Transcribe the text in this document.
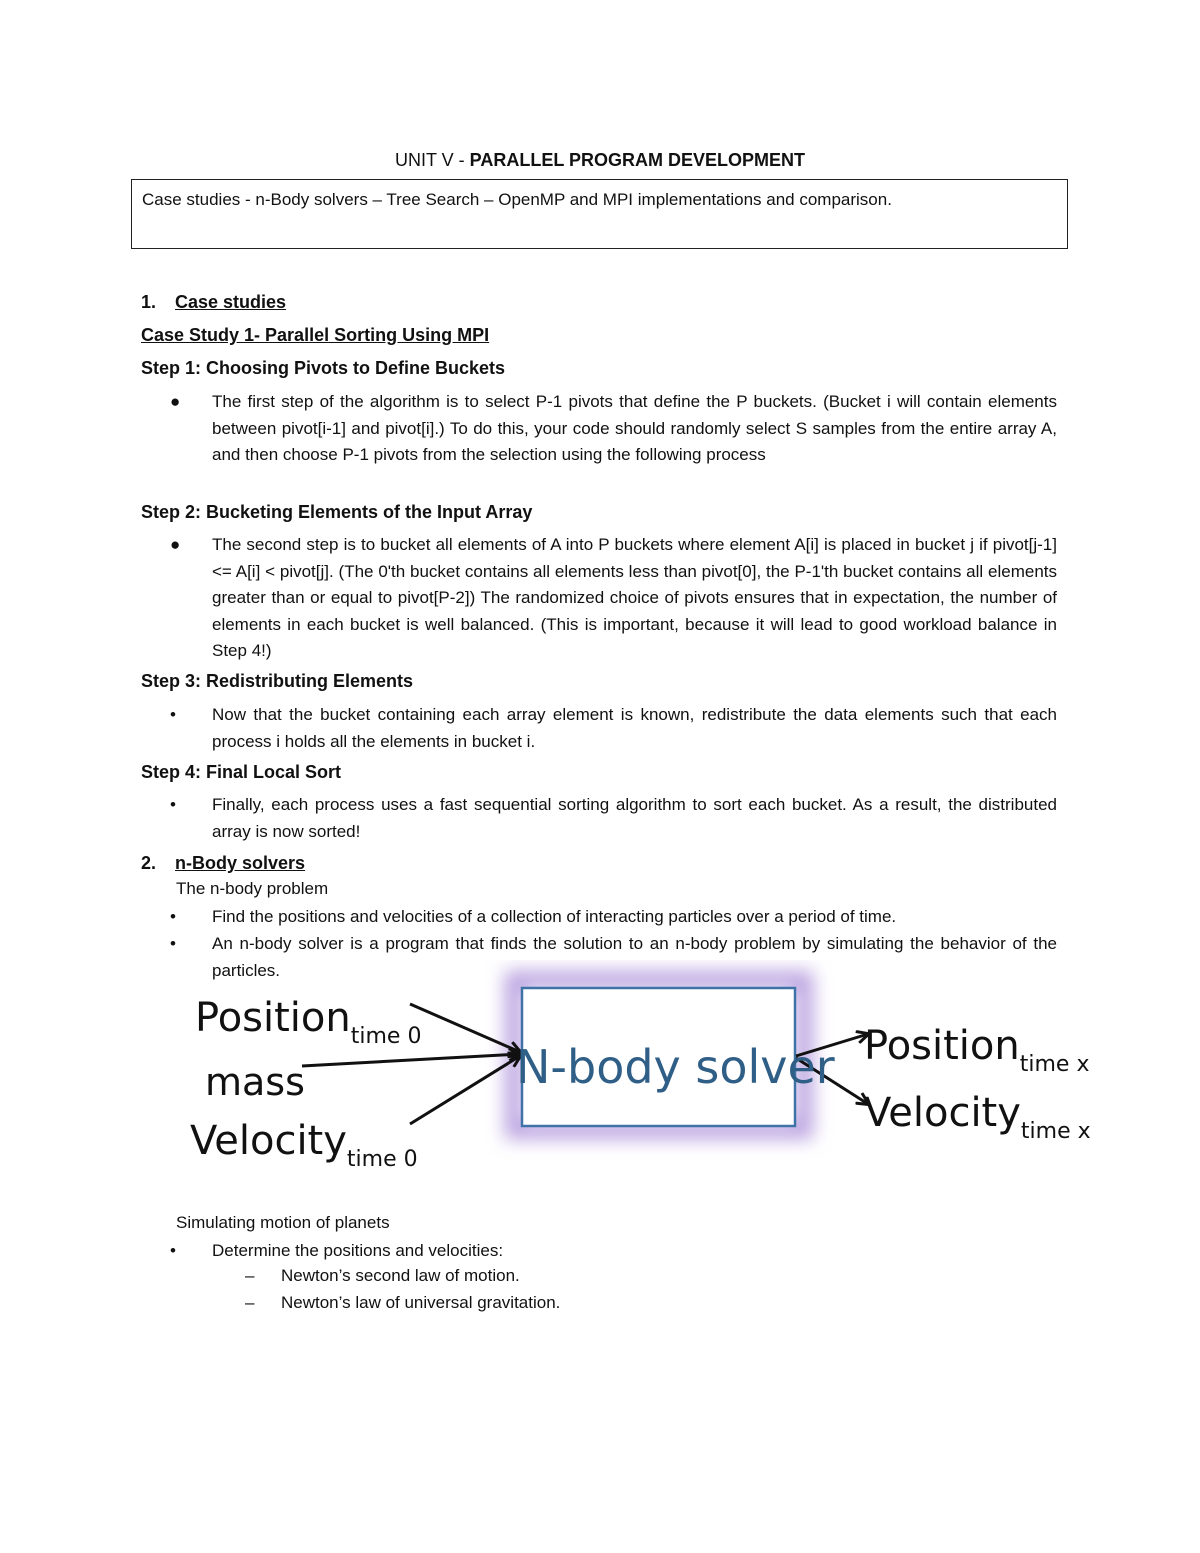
UNIT V - PARALLEL PROGRAM DEVELOPMENT
Case studies - n-Body solvers – Tree Search – OpenMP and MPI implementations and comparison.
1. Case studies
Case Study 1- Parallel Sorting Using MPI
Step 1: Choosing Pivots to Define Buckets
●	The first step of the algorithm is to select P-1 pivots that define the P buckets. (Bucket i will contain elements between pivot[i-1] and pivot[i].) To do this, your code should randomly select S samples from the entire array A, and then choose P-1 pivots from the selection using the following process
Step 2: Bucketing Elements of the Input Array
●	The second step is to bucket all elements of A into P buckets where element A[i] is placed in bucket j if pivot[j-1] <= A[i] < pivot[j]. (The 0'th bucket contains all elements less than pivot[0], the P-1'th bucket contains all elements greater than or equal to pivot[P-2]) The randomized choice of pivots ensures that in expectation, the number of elements in each bucket is well balanced. (This is important, because it will lead to good workload balance in Step 4!)
Step 3: Redistributing Elements
•	Now that the bucket containing each array element is known, redistribute the data elements such that each process i holds all the elements in bucket i.
Step 4: Final Local Sort
•	Finally, each process uses a fast sequential sorting algorithm to sort each bucket. As a result, the distributed array is now sorted!
2. n-Body solvers
The n-body problem
•	Find the positions and velocities of a collection of interacting particles over a period of time.
•	An n-body solver is a program that finds the solution to an n-body problem by simulating the behavior of the particles.
N-body solver
Position$_{time 0}$
mass
Velocity$_{time 0}$
Position$_{time x}$
Velocity$_{time x}$
Simulating motion of planets
•	Determine the positions and velocities:
– Newton’s second law of motion.
– Newton’s law of universal gravitation.
